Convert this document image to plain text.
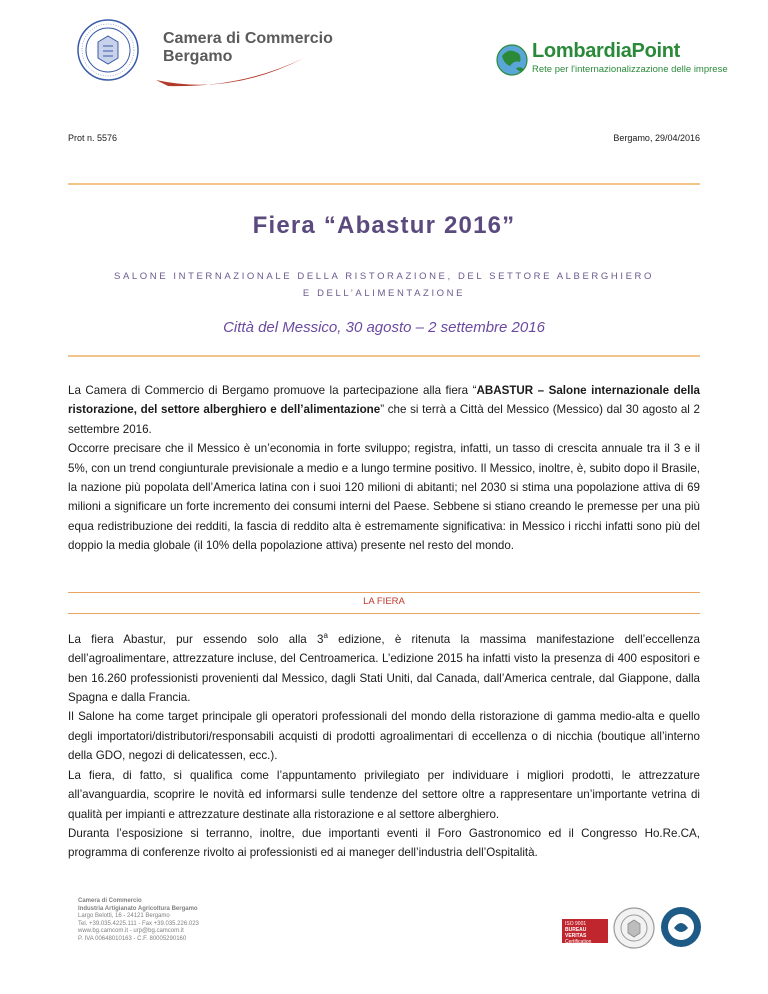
Camera di Commercio
Bergamo	LombardiaPoint
Rete per l'internazionalizzazione delle imprese
Prot n. 5576	Bergamo, 29/04/2016
Fiera “Abastur 2016”
SALONE INTERNAZIONALE DELLA RISTORAZIONE, DEL SETTORE ALBERGHIERO
E DELL’ALIMENTAZIONE
Città del Messico, 30 agosto – 2 settembre 2016
La Camera di Commercio di Bergamo promuove la partecipazione alla fiera “ABASTUR – Salone internazionale della ristorazione, del settore alberghiero e dell’alimentazione” che si terrà a Città del Messico (Messico) dal 30 agosto al 2 settembre 2016.
Occorre precisare che il Messico è un’economia in forte sviluppo; registra, infatti, un tasso di crescita annuale tra il 3 e il 5%, con un trend congiunturale previsionale a medio e a lungo termine positivo. Il Messico, inoltre, è, subito dopo il Brasile, la nazione più popolata dell’America latina con i suoi 120 milioni di abitanti; nel 2030 si stima una popolazione attiva di 69 milioni a significare un forte incremento dei consumi interni del Paese. Sebbene si stiano creando le premesse per una più equa redistribuzione dei redditi, la fascia di reddito alta è estremamente significativa: in Messico i ricchi infatti sono più del doppio la media globale (il 10% della popolazione attiva) presente nel resto del mondo.
LA FIERA
La fiera Abastur, pur essendo solo alla 3$^a$ edizione, è ritenuta la massima manifestazione dell’eccellenza dell’agroalimentare, attrezzature incluse, del Centroamerica. L’edizione 2015 ha infatti visto la presenza di 400 espositori e ben 16.260 professionisti provenienti dal Messico, dagli Stati Uniti, dal Canada, dall’America centrale, dal Giappone, dalla Spagna e dalla Francia.
Il Salone ha come target principale gli operatori professionali del mondo della ristorazione di gamma medio-alta e quello degli importatori/distributori/responsabili acquisti di prodotti agroalimentari di eccellenza o di nicchia (boutique all’interno della GDO, negozi di delicatessen, ecc.).
La fiera, di fatto, si qualifica come l’appuntamento privilegiato per individuare i migliori prodotti, le attrezzature all’avanguardia, scoprire le novità ed informarsi sulle tendenze del settore oltre a rappresentare un’importante vetrina di qualità per impianti e attrezzature destinate alla ristorazione e al settore alberghiero.
Duranta l’esposizione si terranno, inoltre, due importanti eventi il Foro Gastronomico ed il Congresso Ho.Re.CA, programma di conferenze rivolto ai professionisti ed ai maneger dell’industria dell’Ospitalità.
Camera di Commercio
Industria Artigianato Agricoltura Bergamo
Largo Belotti, 16 - 24121 Bergamo
Tel. +39.035.4225.111 - Fax +39.035.226.023
www.bg.camcom.it - urp@bg.camcom.it
P. IVA 00648010163 - C.F. 80005290160
ISO 9001
BUREAU VERITAS
Certification
